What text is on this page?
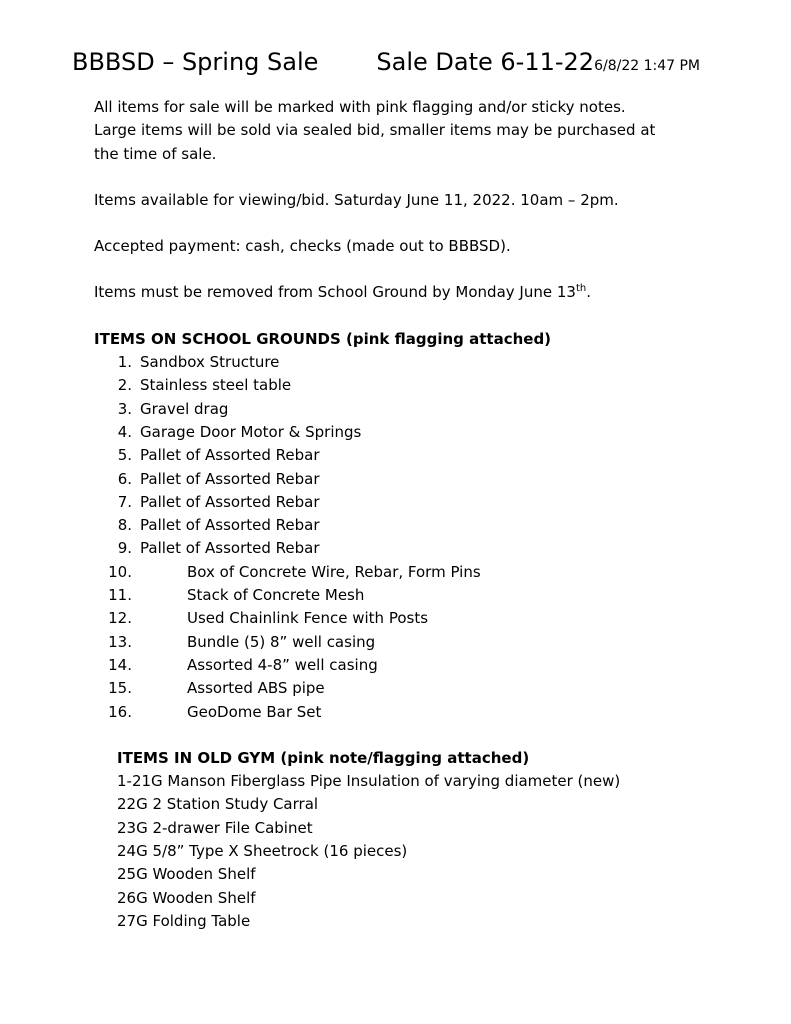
BBBSD – Spring Sale Sale Date 6-11-226/8/22 1:47 PM

All items for sale will be marked with pink flagging and/or sticky notes.

Large items will be sold via sealed bid, smaller items may be purchased at

the time of sale.

Items available for viewing/bid. Saturday June 11, 2022. 10am – 2pm.

Accepted payment: cash, checks (made out to BBBSD).

Items must be removed from School Ground by Monday June 13th.

ITEMS ON SCHOOL GROUNDS (pink flagging attached)

1. Sandbox Structure
2. Stainless steel table
3. Gravel drag
4. Garage Door Motor & Springs
5. Pallet of Assorted Rebar
6. Pallet of Assorted Rebar
7. Pallet of Assorted Rebar
8. Pallet of Assorted Rebar
9. Pallet of Assorted Rebar
10.	Box of Concrete Wire, Rebar, Form Pins
11.	Stack of Concrete Mesh
12.	Used Chainlink Fence with Posts
13.	Bundle (5) 8” well casing
14.	Assorted 4-8” well casing
15.	Assorted ABS pipe
16.	GeoDome Bar Set

ITEMS IN OLD GYM (pink note/flagging attached)

1-21G Manson Fiberglass Pipe Insulation of varying diameter (new)
22G 2 Station Study Carral
23G 2-drawer File Cabinet
24G 5/8” Type X Sheetrock (16 pieces)
25G Wooden Shelf
26G Wooden Shelf
27G Folding Table
